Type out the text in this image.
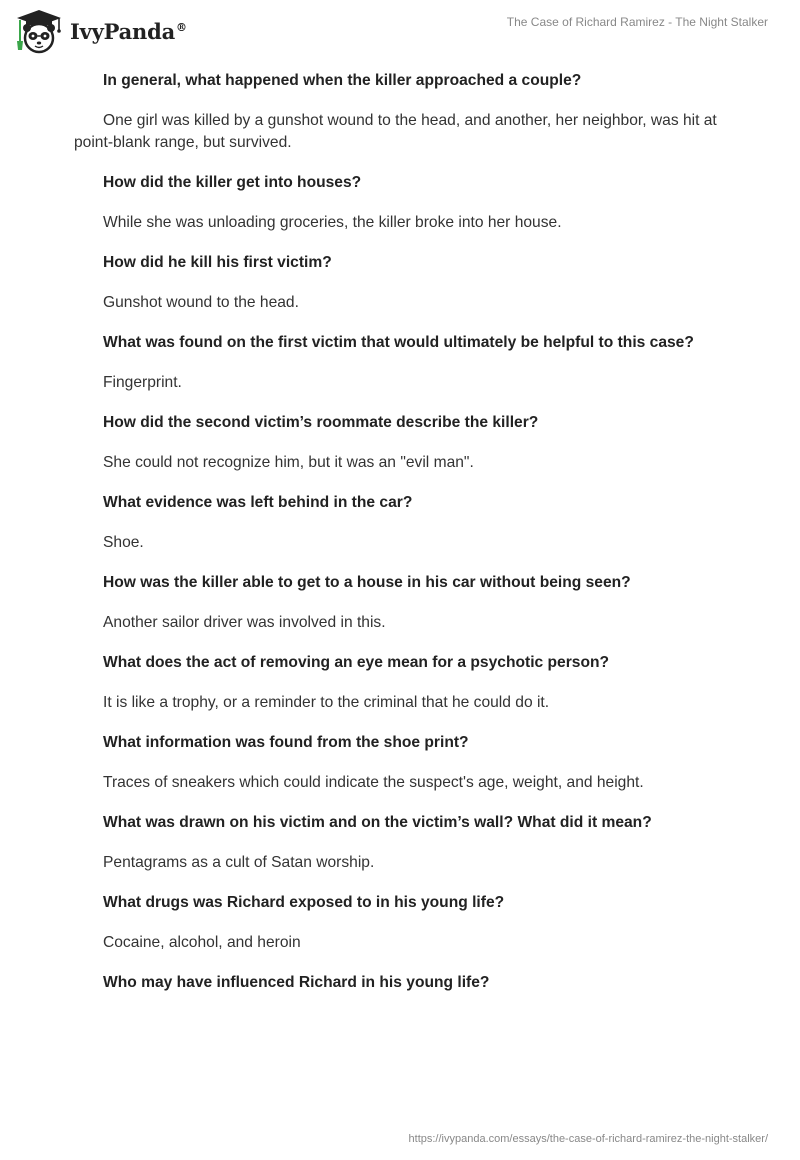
IvyPanda®	The Case of Richard Ramirez - The Night Stalker

In general, what happened when the killer approached a couple?

One girl was killed by a gunshot wound to the head, and another, her neighbor, was hit at point-blank range, but survived.

How did the killer get into houses?

While she was unloading groceries, the killer broke into her house.

How did he kill his first victim?

Gunshot wound to the head.

What was found on the first victim that would ultimately be helpful to this case?

Fingerprint.

How did the second victim’s roommate describe the killer?

She could not recognize him, but it was an "evil man".

What evidence was left behind in the car?

Shoe.

How was the killer able to get to a house in his car without being seen?

Another sailor driver was involved in this.

What does the act of removing an eye mean for a psychotic person?

It is like a trophy, or a reminder to the criminal that he could do it.

What information was found from the shoe print?

Traces of sneakers which could indicate the suspect's age, weight, and height.

What was drawn on his victim and on the victim’s wall? What did it mean?

Pentagrams as a cult of Satan worship.

What drugs was Richard exposed to in his young life?

Cocaine, alcohol, and heroin

Who may have influenced Richard in his young life?

https://ivypanda.com/essays/the-case-of-richard-ramirez-the-night-stalker/
